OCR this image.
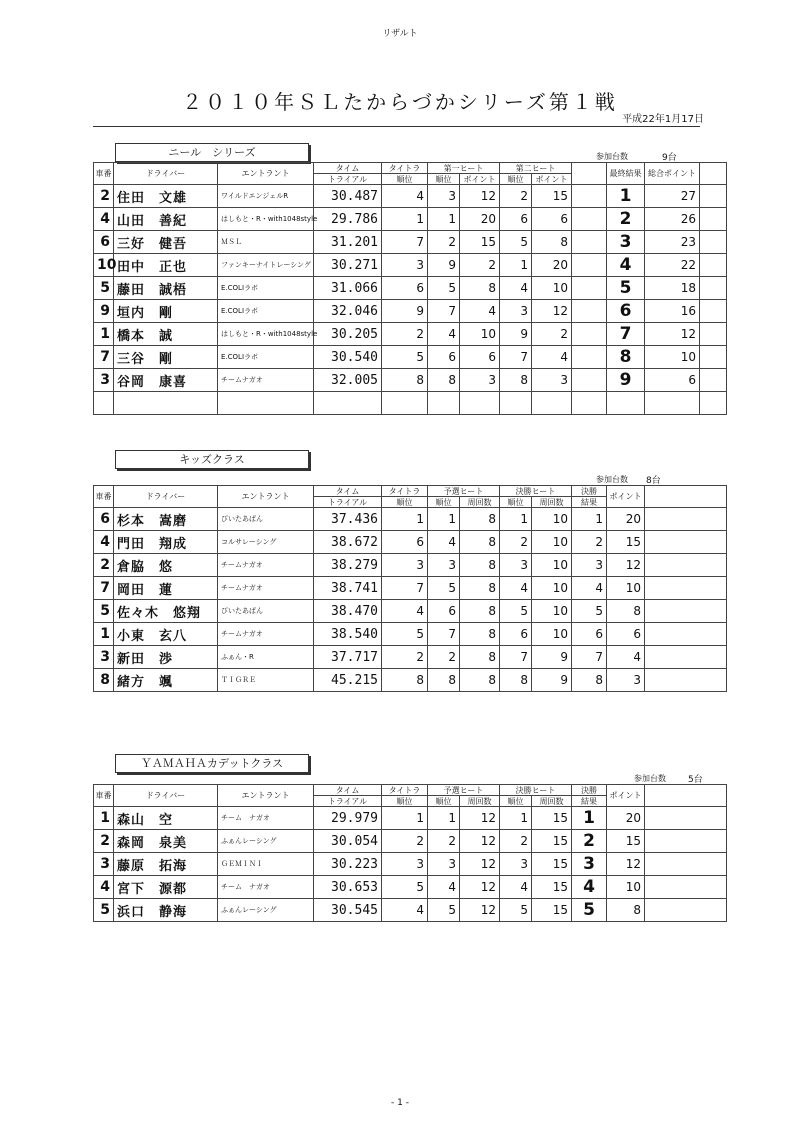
リザルト
２０１０年ＳＬたからづかシリーズ第１戦
平成22年1月17日
ニール　シリーズ	参加台数	9台
車番	ドライバー	エントラント	タイム	タイトラ	第一ヒート		第二ヒート			最終結果	総合ポイント	
			トライアル	順位	順位	ポイント	順位	ポイント				
2	住田　文雄	ワイルドエンジェルR	30.487	4	3	12	2	15		1	27	
4	山田　善紀	はしもと・R・with1048style	29.786	1	1	20	6	6		2	26	
6	三好　健吾	ＭＳＬ	31.201	7	2	15	5	8		3	23	
10	田中　正也	ファンキーナイトレーシング	30.271	3	9	2	1	20		4	22	
5	藤田　誠梧	E.COLIラボ	31.066	6	5	8	4	10		5	18	
9	垣内　剛	E.COLIラボ	32.046	9	7	4	3	12		6	16	
1	橋本　誠	はしもと・R・with1048style	30.205	2	4	10	9	2		7	12	
7	三谷　剛	E.COLIラボ	30.540	5	6	6	7	4		8	10	
3	谷岡　康喜	チームナガオ	32.005	8	8	3	8	3		9	6	

キッズクラス
参加台数 8台
車番	ドライバー	エントラント	タイム	タイトラ	予選ヒート		決勝ヒート		決勝	ポイント	
			トライアル	順位	順位	周回数	順位	周回数	結果		
6	杉本　嵩磨	びいたあばん	37.436	1	1	8	1	10	1	20	
4	門田　翔成	コルサレーシング	38.672	6	4	8	2	10	2	15	
2	倉脇　悠	チームナガオ	38.279	3	3	8	3	10	3	12	
7	岡田　蓮	チームナガオ	38.741	7	5	8	4	10	4	10	
5	佐々木　悠翔	びいたあばん	38.470	4	6	8	5	10	5	8	
1	小東　玄八	チームナガオ	38.540	5	7	8	6	10	6	6	
3	新田　渉	ふぁん・R	37.717	2	2	8	7	9	7	4	
8	緒方　颯	ＴＩＧＲＥ	45.215	8	8	8	8	9	8	3	
ＹＡＭＡＨＡカデットクラス
参加台数 5台
車番	ドライバー	エントラント	タイム	タイトラ	予選ヒート		決勝ヒート		決勝	ポイント	
			トライアル	順位	順位	周回数	順位	周回数	結果		
1	森山　空	チーム　ナガオ	29.979	1	1	12	1	15	1	20	
2	森岡　泉美	ふぁんレーシング	30.054	2	2	12	2	15	2	15	
3	藤原　拓海	ＧＥＭＩＮＩ	30.223	3	3	12	3	15	3	12	
4	宮下　源都	チーム　ナガオ	30.653	5	4	12	4	15	4	10	
5	浜口　静海	ふぁんレーシング	30.545	4	5	12	5	15	5	8	
- 1 -
